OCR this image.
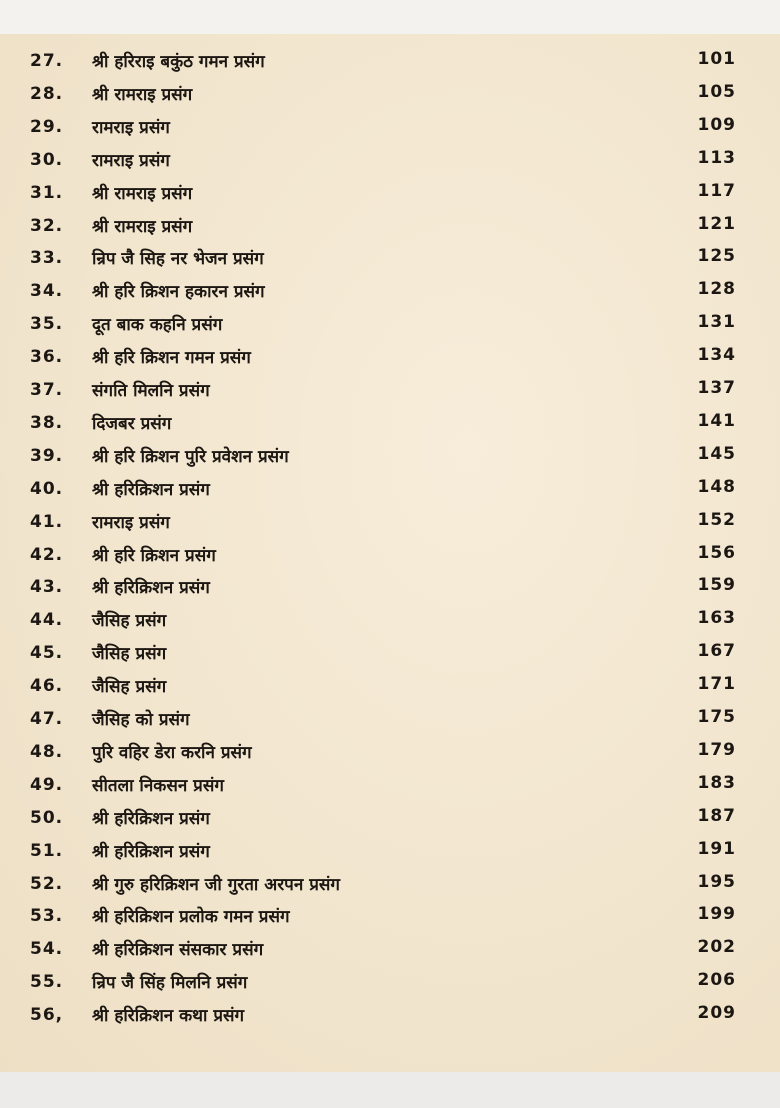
27. श्री हरिराइ बकुंठ गमन प्रसंग	101
28. श्री रामराइ प्रसंग	105
29. रामराइ प्रसंग	109
30. रामराइ प्रसंग	113
31. श्री रामराइ प्रसंग	117
32. श्री रामराइ प्रसंग	121
33. न्रिप जै सिह नर भेजन प्रसंग	125
34. श्री हरि क्रिशन हकारन प्रसंग	128
35. दूत बाक कहनि प्रसंग	131
36. श्री हरि क्रिशन गमन प्रसंग	134
37. संगति मिलनि प्रसंग	137
38. दिजबर प्रसंग	141
39. श्री हरि क्रिशन पुरि प्रवेशन प्रसंग	145
40. श्री हरिक्रिशन प्रसंग	148
41. रामराइ प्रसंग	152
42. श्री हरि क्रिशन प्रसंग	156
43. श्री हरिक्रिशन प्रसंग	159
44. जैसिह प्रसंग	163
45. जैसिह प्रसंग	167
46. जैसिह प्रसंग	171
47. जैसिह को प्रसंग	175
48. पुरि वहिर डेरा करनि प्रसंग	179
49. सीतला निकसन प्रसंग	183
50. श्री हरिक्रिशन प्रसंग	187
51. श्री हरिक्रिशन प्रसंग	191
52. श्री गुरु हरिक्रिशन जी गुरता अरपन प्रसंग	195
53. श्री हरिक्रिशन प्रलोक गमन प्रसंग	199
54. श्री हरिक्रिशन संसकार प्रसंग	202
55. न्रिप जै सिंह मिलनि प्रसंग	206
56, श्री हरिक्रिशन कथा प्रसंग	209
